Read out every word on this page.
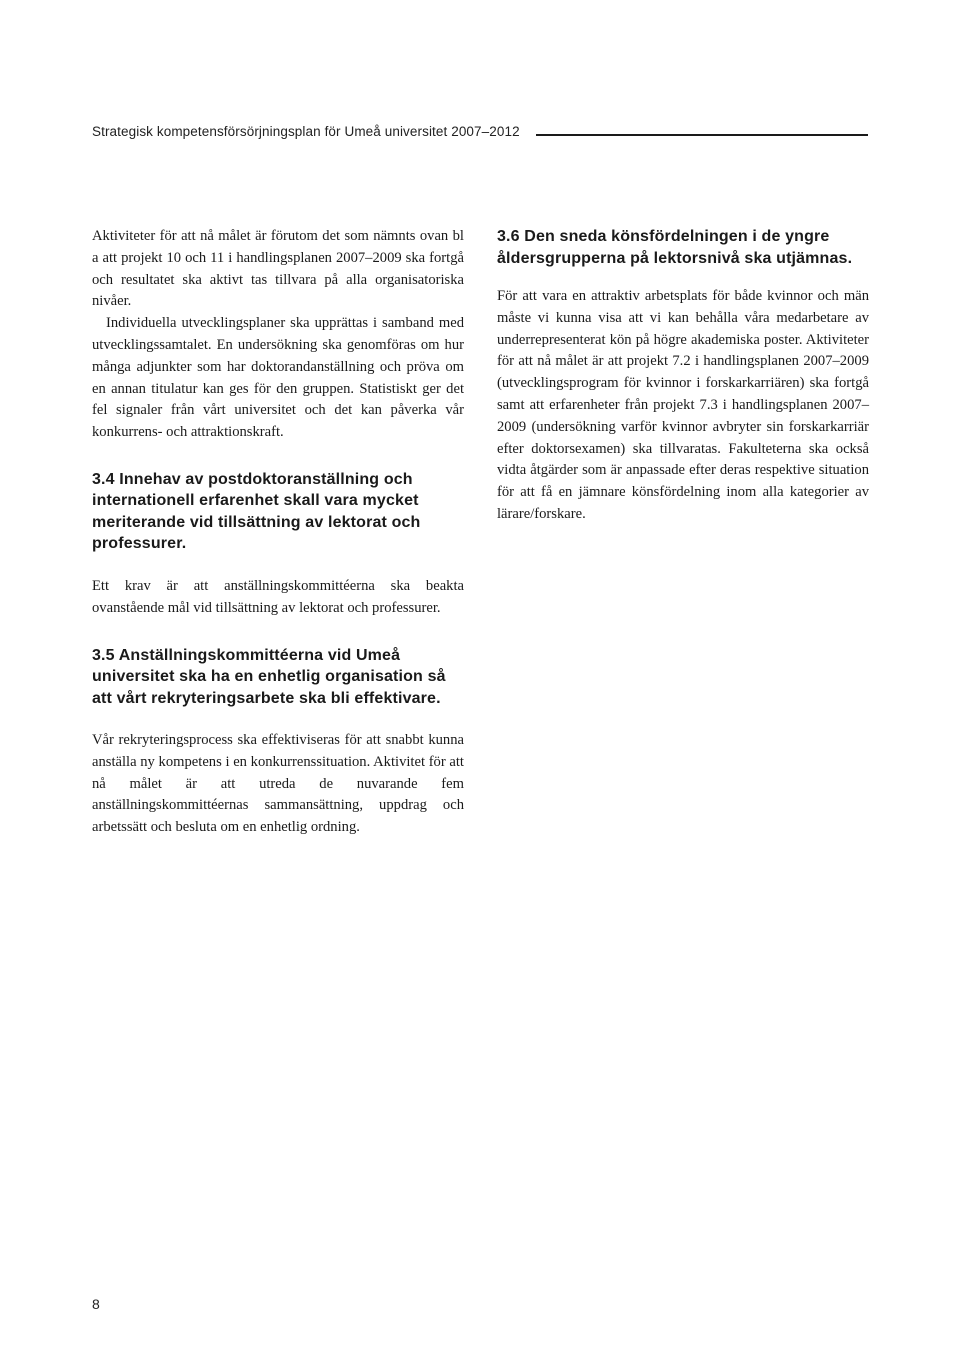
Strategisk kompetensförsörjningsplan för Umeå universitet 2007–2012

Aktiviteter för att nå målet är förutom det som nämnts ovan bl a att projekt 10 och 11 i handlingsplanen 2007–2009 ska fortgå och resultatet ska aktivt tas tillvara på alla organisatoriska nivåer.

Individuella utvecklingsplaner ska upprättas i samband med utvecklingssamtalet. En undersökning ska genomföras om hur många adjunkter som har doktorandanställning och pröva om en annan titulatur kan ges för den gruppen. Statistiskt ger det fel signaler från vårt universitet och det kan påverka vår konkurrens- och attraktionskraft.

3.4 Innehav av postdoktoranställning och internationell erfarenhet skall vara mycket meriterande vid tillsättning av lektorat och professurer.

Ett krav är att anställningskommittéerna ska beakta ovanstående mål vid tillsättning av lektorat och professurer.

3.5 Anställningskommittéerna vid Umeå universitet ska ha en enhetlig organisation så att vårt rekryteringsarbete ska bli effektivare.

Vår rekryteringsprocess ska effektiviseras för att snabbt kunna anställa ny kompetens i en konkurrenssituation. Aktivitet för att nå målet är att utreda de nuvarande fem anställningskommittéernas sammansättning, uppdrag och arbetssätt och besluta om en enhetlig ordning.

3.6 Den sneda könsfördelningen i de yngre åldersgrupperna på lektorsnivå ska utjämnas.

För att vara en attraktiv arbetsplats för både kvinnor och män måste vi kunna visa att vi kan behålla våra medarbetare av underrepresenterat kön på högre akademiska poster. Aktiviteter för att nå målet är att projekt 7.2 i handlingsplanen 2007–2009 (utvecklingsprogram för kvinnor i forskarkarriären) ska fortgå samt att erfarenheter från projekt 7.3 i handlingsplanen 2007–2009 (undersökning varför kvinnor avbryter sin forskarkarriär efter doktorsexamen) ska tillvaratas. Fakulteterna ska också vidta åtgärder som är anpassade efter deras respektive situation för att få en jämnare könsfördelning inom alla kategorier av lärare/forskare.

8
